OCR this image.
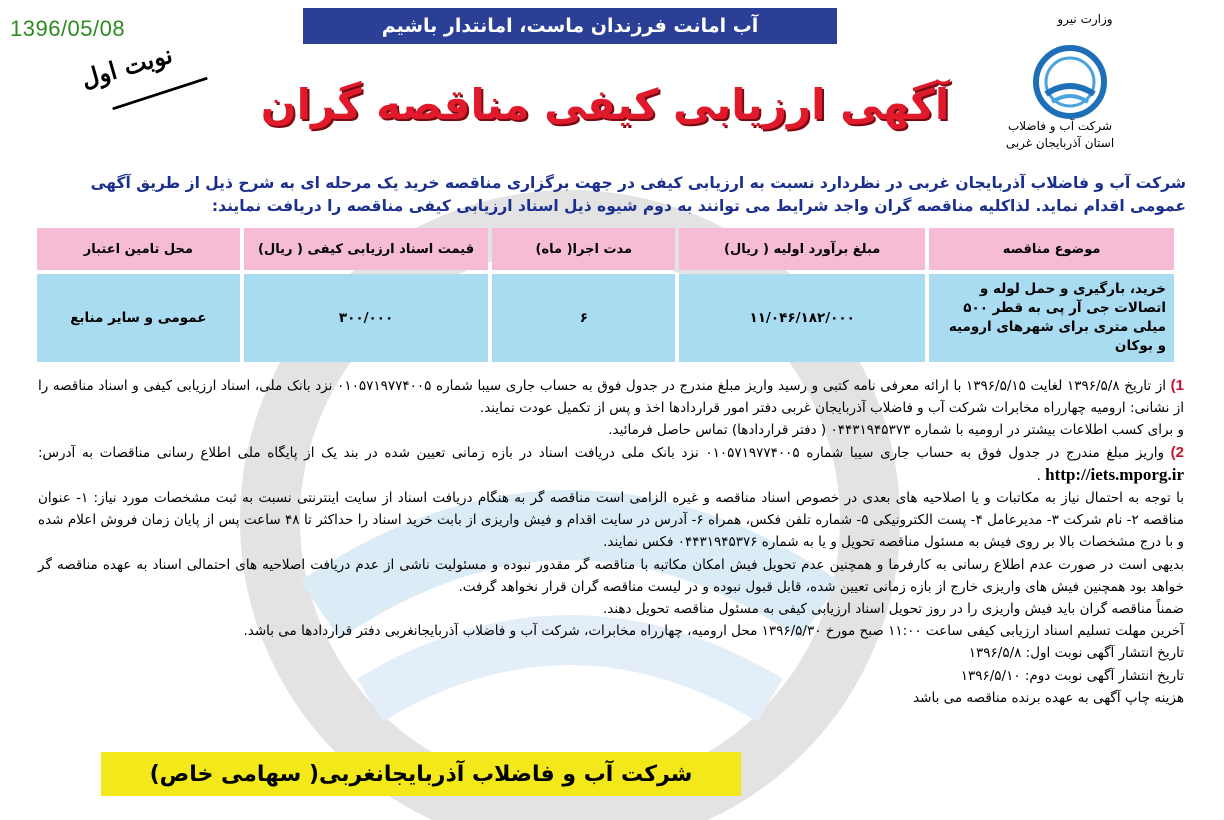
1396/05/08	آب امانت فرزندان ماست، امانتدار باشیم	وزارت نیرو
شرکت آب و فاضلاب
استان آذربایجان غربی
نوبت اول
آگهی ارزیابی کیفی مناقصه گران
شرکت آب و فاضلاب آذربایجان غربی در نظردارد نسبت به ارزیابی کیفی در جهت برگزاری مناقصه خرید یک مرحله ای به شرح ذیل از طریق آگهی عمومی اقدام نماید. لذاکلیه مناقصه گران واجد شرایط می توانند به دوم شیوه ذیل اسناد ارزیابی کیفی مناقصه را دریافت نمایند:
موضوع مناقصه	مبلغ برآورد اولیه ( ریال)	مدت اجرا( ماه)	قیمت اسناد ارزیابی کیفی ( ریال)	محل تامین اعتبار
خرید، بارگیری و حمل لوله و اتصالات جی آر پی به قطر ۵۰۰ میلی متری برای شهرهای ارومیه و بوکان	۱۱/۰۴۶/۱۸۲/۰۰۰	۶	۳۰۰/۰۰۰	عمومی و سایر منابع

1) از تاریخ ۱۳۹۶/۵/۸ لغایت ۱۳۹۶/۵/۱۵ با ارائه معرفی نامه کتبی و رسید واریز مبلغ مندرج در جدول فوق به حساب جاری سیبا شماره ۰۱۰۵۷۱۹۷۷۴۰۰۵ نزد بانک ملی، اسناد ارزیابی کیفی و اسناد مناقصه را از نشانی: ارومیه چهارراه مخابرات شرکت آب و فاضلاب آذربایجان غربی دفتر امور قراردادها اخذ و پس از تکمیل عودت نمایند.

و برای کسب اطلاعات بیشتر در ارومیه با شماره ۰۴۴۳۱۹۴۵۳۷۳ ( دفتر قراردادها) تماس حاصل فرمائید.

2) واریز مبلغ مندرج در جدول فوق به حساب جاری سیبا شماره ۰۱۰۵۷۱۹۷۷۴۰۰۵ نزد بانک ملی دریافت اسناد در بازه زمانی تعیین شده در بند یک از پایگاه ملی اطلاع رسانی مناقصات به آدرس: http://iets.mporg.ir .

با توجه به احتمال نیاز به مکاتبات و یا اصلاحیه های بعدی در خصوص اسناد مناقصه و غیره الزامی است مناقصه گر به هنگام دریافت اسناد از سایت اینترنتی نسبت به ثبت مشخصات مورد نیاز: ۱- عنوان مناقصه ۲- نام شرکت ۳- مدیرعامل ۴- پست الکترونیکی ۵- شماره تلفن فکس، همراه ۶- آدرس در سایت اقدام و فیش واریزی از بابت خرید اسناد را حداکثر تا ۴۸ ساعت پس از پایان زمان فروش اعلام شده و با درج مشخصات بالا بر روی فیش به مسئول مناقصه تحویل و یا به شماره ۰۴۴۳۱۹۴۵۳۷۶ فکس نمایند.

بدیهی است در صورت عدم اطلاع رسانی به کارفرما و همچنین عدم تحویل فیش امکان مکاتبه با مناقصه گر مقدور نبوده و مسئولیت ناشی از عدم دریافت اصلاحیه های احتمالی اسناد به عهده مناقصه گر خواهد بود همچنین فیش های واریزی خارج از بازه زمانی تعیین شده، قابل قبول نبوده و در لیست مناقصه گران قرار نخواهد گرفت.

ضمناً مناقصه گران باید فیش واریزی را در روز تحویل اسناد ارزیابی کیفی به مسئول مناقصه تحویل دهند.

آخرین مهلت تسلیم اسناد ارزیابی کیفی ساعت ۱۱:۰۰ صبح مورخ ۱۳۹۶/۵/۳۰ محل ارومیه، چهارراه مخابرات، شرکت آب و فاضلاب آذربایجانغربی دفتر قراردادها می باشد.

تاریخ انتشار آگهی نوبت اول: ۱۳۹۶/۵/۸

تاریخ انتشار آگهی نوبت دوم: ۱۳۹۶/۵/۱۰

هزینه چاپ آگهی به عهده برنده مناقصه می باشد

شرکت آب و فاضلاب آذربایجانغربی( سهامی خاص)
